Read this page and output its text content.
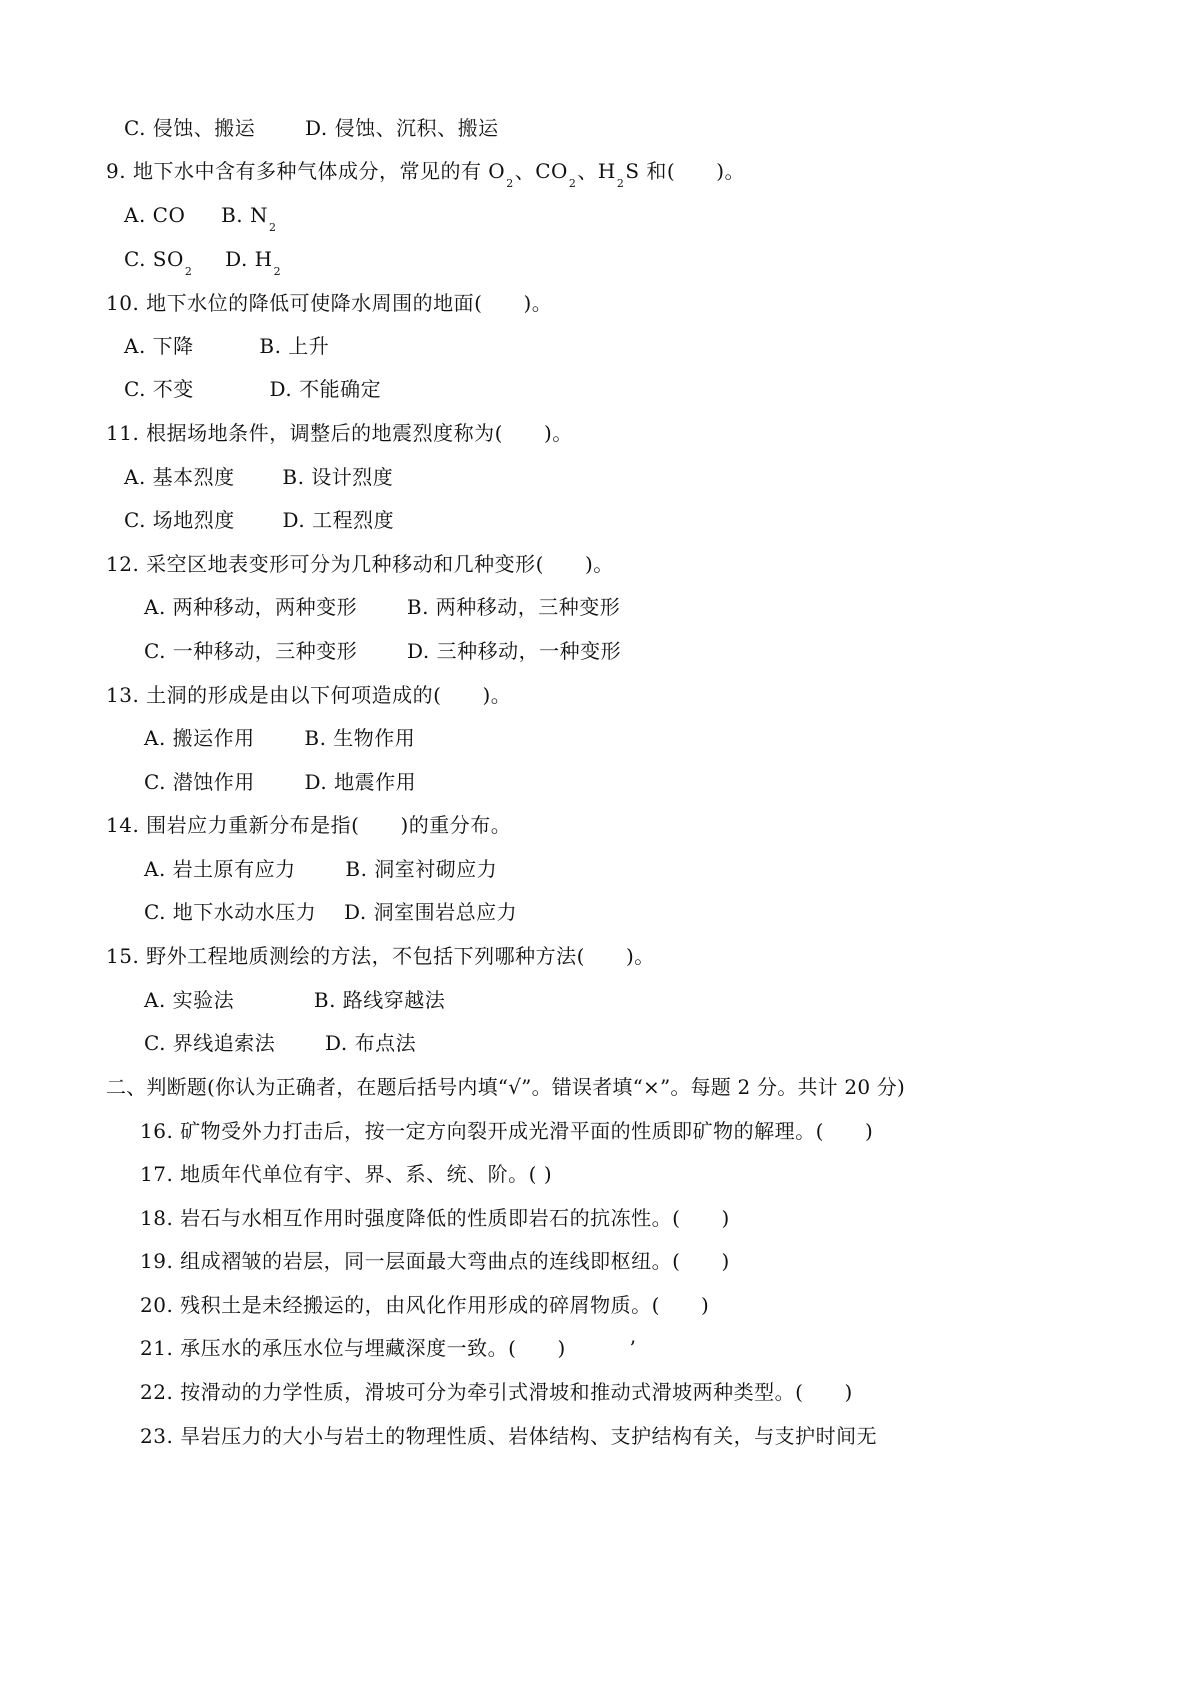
C. 侵蚀、搬运 D. 侵蚀、沉积、搬运
9. 地下水中含有多种气体成分，常见的有 $O_2$、$CO_2$、$H_2S$ 和(　　)。
A. CO B. $N_2$
C. $SO_2$  D. $H_2$
10. 地下水位的降低可使降水周围的地面(　　)。
A. 下降	B. 上升
C. 不变	D. 不能确定
11. 根据场地条件，调整后的地震烈度称为(　　)。
A. 基本烈度 B. 设计烈度
C. 场地烈度 D. 工程烈度
12. 采空区地表变形可分为几种移动和几种变形(　　)。
A. 两种移动，两种变形 B. 两种移动，三种变形
C. 一种移动，三种变形 D. 三种移动，一种变形
13. 土洞的形成是由以下何项造成的(　　)。
A. 搬运作用 B. 生物作用
C. 潜蚀作用 D. 地震作用
14. 围岩应力重新分布是指(　　)的重分布。
A. 岩土原有应力 B. 洞室衬砌应力
C. 地下水动水压力 D. 洞室围岩总应力
15. 野外工程地质测绘的方法，不包括下列哪种方法(　　)。
A. 实验法	B. 路线穿越法
C. 界线追索法 D. 布点法
二、判断题(你认为正确者，在题后括号内填“√”。错误者填“×”。每题 2 分。共计 20 分)
16. 矿物受外力打击后，按一定方向裂开成光滑平面的性质即矿物的解理。(　　)
17. 地质年代单位有宇、界、系、统、阶。( )
18. 岩石与水相互作用时强度降低的性质即岩石的抗冻性。(　　)
19. 组成褶皱的岩层，同一层面最大弯曲点的连线即枢纽。(　　)
20. 残积土是未经搬运的，由风化作用形成的碎屑物质。(　　)
21. 承压水的承压水位与埋藏深度一致。(　　)	’
22. 按滑动的力学性质，滑坡可分为牵引式滑坡和推动式滑坡两种类型。(　　)
23. 旱岩压力的大小与岩土的物理性质、岩体结构、支护结构有关，与支护时间无
